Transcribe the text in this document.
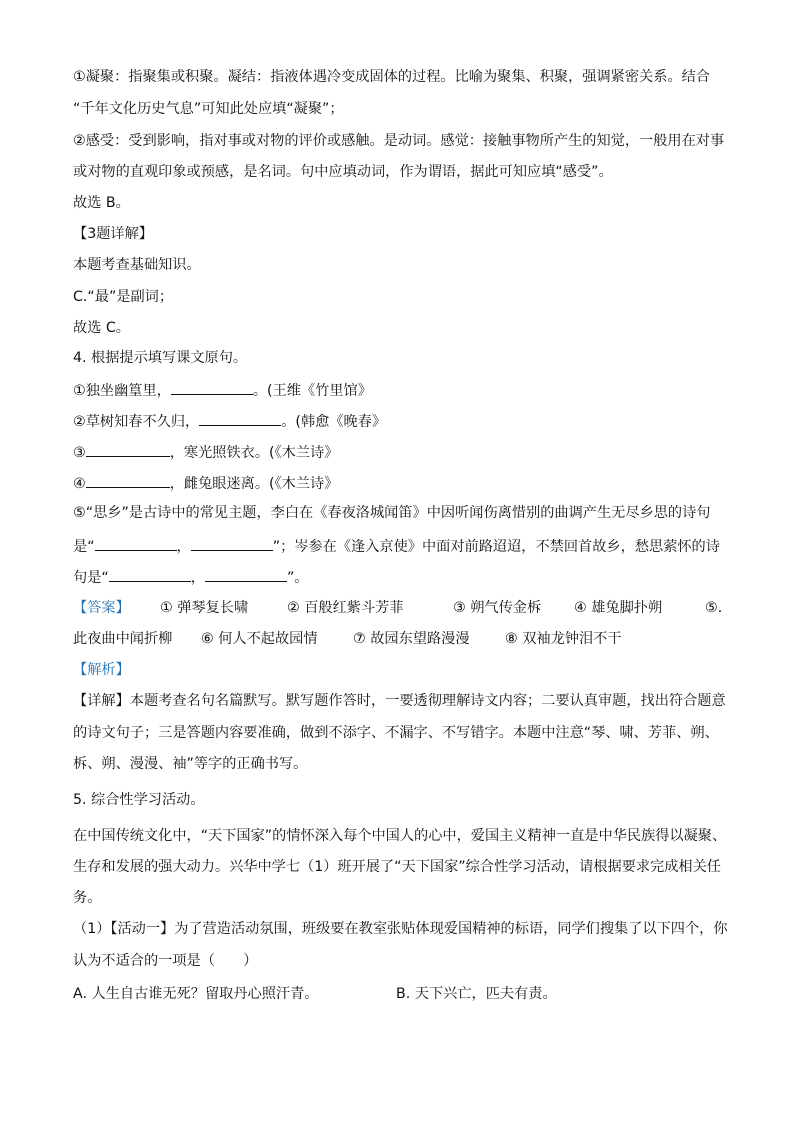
①凝聚：指聚集或积聚。凝结：指液体遇冷变成固体的过程。比喻为聚集、积聚，强调紧密关系。结合
“千年文化历史气息”可知此处应填“凝聚”；
②感受：受到影响，指对事或对物的评价或感触。是动词。感觉：接触事物所产生的知觉，一般用在对事
或对物的直观印象或预感，是名词。句中应填动词，作为谓语，据此可知应填“感受”。
故选 B。
【3题详解】
本题考查基础知识。
C.“最”是副词；
故选 C。
4. 根据提示填写课文原句。
①独坐幽篁里，	。(王维《竹里馆》
②草树知春不久归，	。(韩愈《晚春》
③	，寒光照铁衣。(《木兰诗》
④	，雌兔眼迷离。(《木兰诗》
⑤“思乡”是古诗中的常见主题，李白在《春夜洛城闻笛》中因听闻伤离惜别的曲调产生无尽乡思的诗句
是“	，	”；岑参在《逢入京使》中面对前路迢迢，不禁回首故乡，愁思萦怀的诗
句是“	，	”。
【答案】 ① 弹琴复长啸	② 百般红紫斗芳菲	③ 朔气传金柝 ④ 雄兔脚扑朔	⑤.
此夜曲中闻折柳 ⑥ 何人不起故园情 ⑦ 故园东望路漫漫 ⑧ 双袖龙钟泪不干
【解析】
【详解】本题考查名句名篇默写。默写题作答时，一要透彻理解诗文内容；二要认真审题，找出符合题意
的诗文句子；三是答题内容要准确，做到不添字、不漏字、不写错字。本题中注意“琴、啸、芳菲、朔、
柝、朔、漫漫、袖”等字的正确书写。
5. 综合性学习活动。
在中国传统文化中，“天下国家”的情怀深入每个中国人的心中，爱国主义精神一直是中华民族得以凝聚、
生存和发展的强大动力。兴华中学七（1）班开展了“天下国家”综合性学习活动，请根据要求完成相关任
务。
（1）【活动一】为了营造活动氛围，班级要在教室张贴体现爱国精神的标语，同学们搜集了以下四个，你
认为不适合的一项是（　　）
A. 人生自古谁无死？留取丹心照汗青。	B. 天下兴亡，匹夫有责。
